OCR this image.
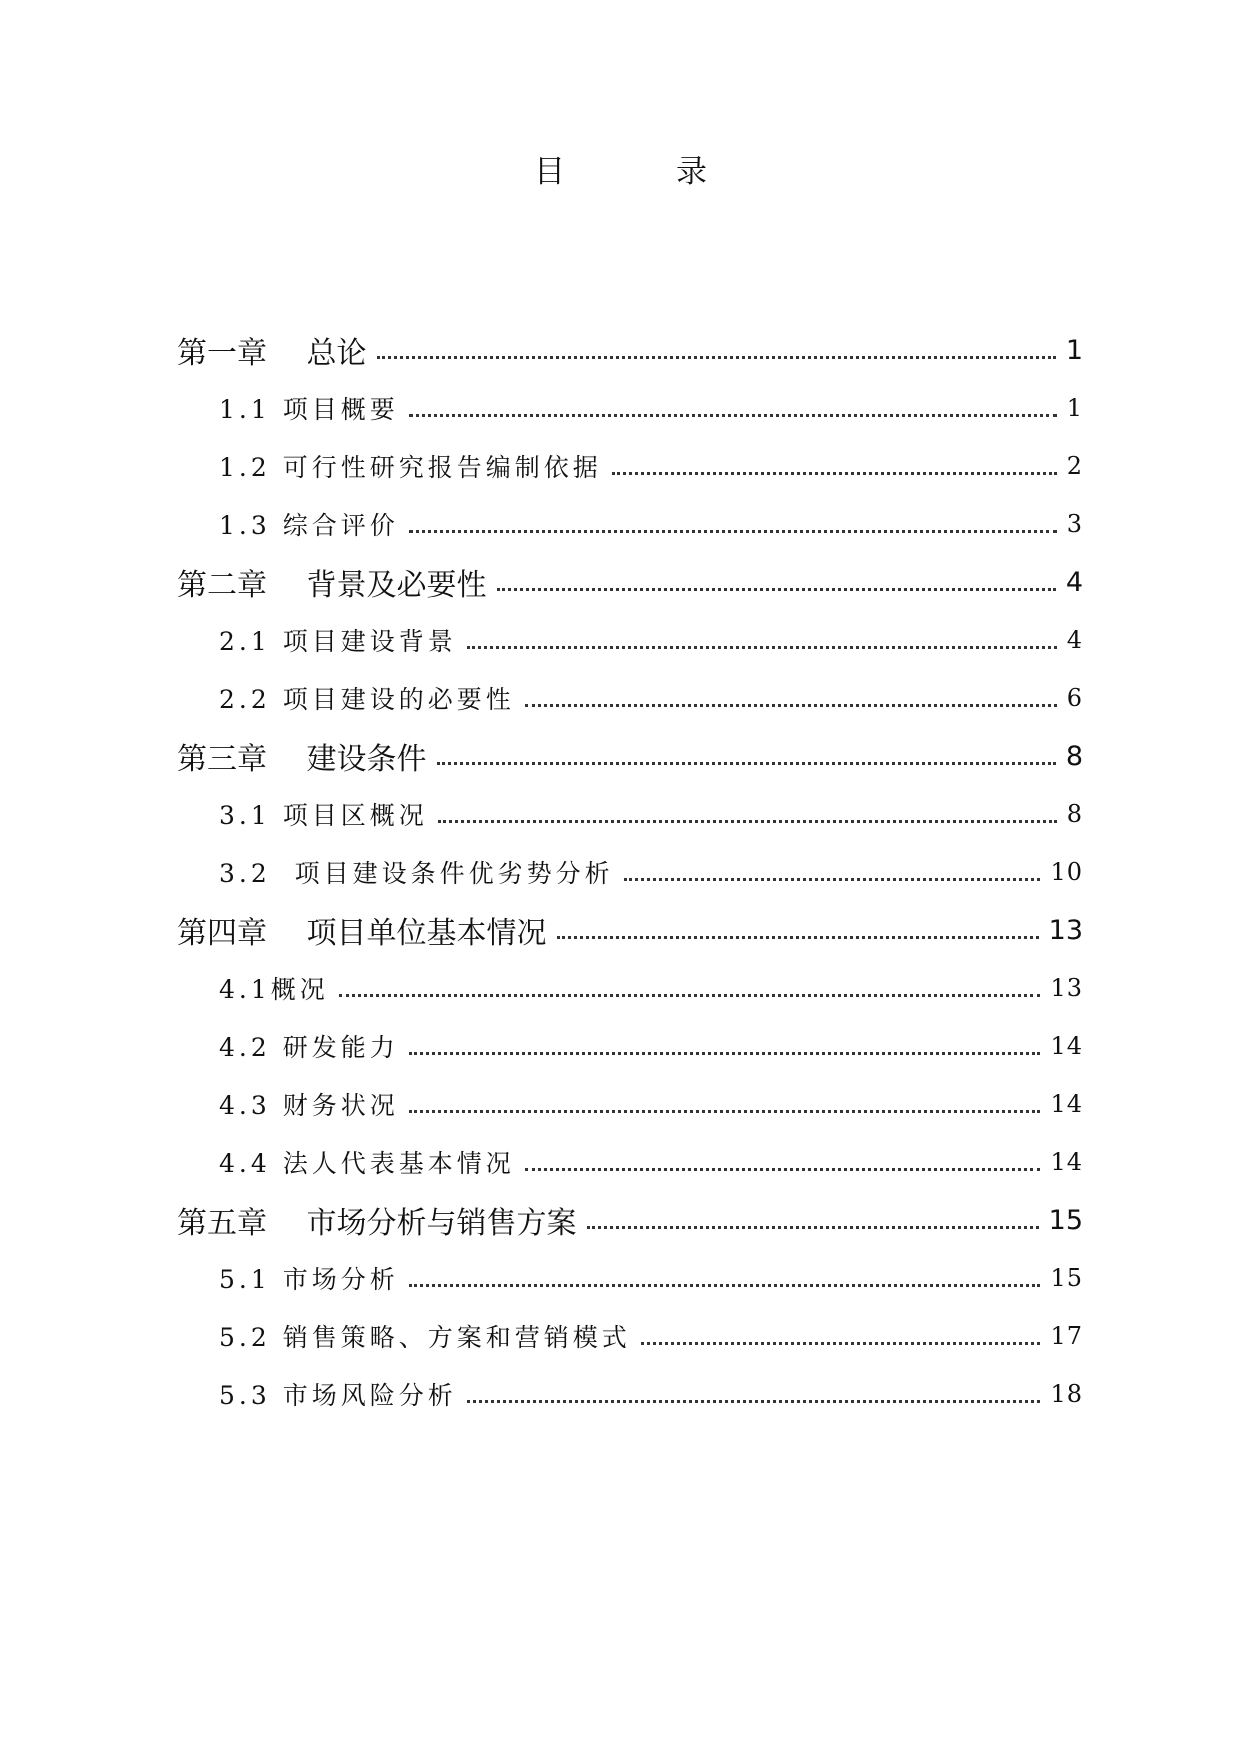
目　录
第一章　 总论	1
1.1 项目概要	1
1.2 可行性研究报告编制依据	2
1.3 综合评价	3
第二章　 背景及必要性	4
2.1 项目建设背景	4
2.2 项目建设的必要性	6
第三章　 建设条件	8
3.1 项目区概况	8
3.2  项目建设条件优劣势分析	10
第四章　 项目单位基本情况	13
4.1概况	13
4.2 研发能力	14
4.3 财务状况	14
4.4 法人代表基本情况	14
第五章　 市场分析与销售方案	15
5.1 市场分析	15
5.2 销售策略、方案和营销模式	17
5.3 市场风险分析	18
